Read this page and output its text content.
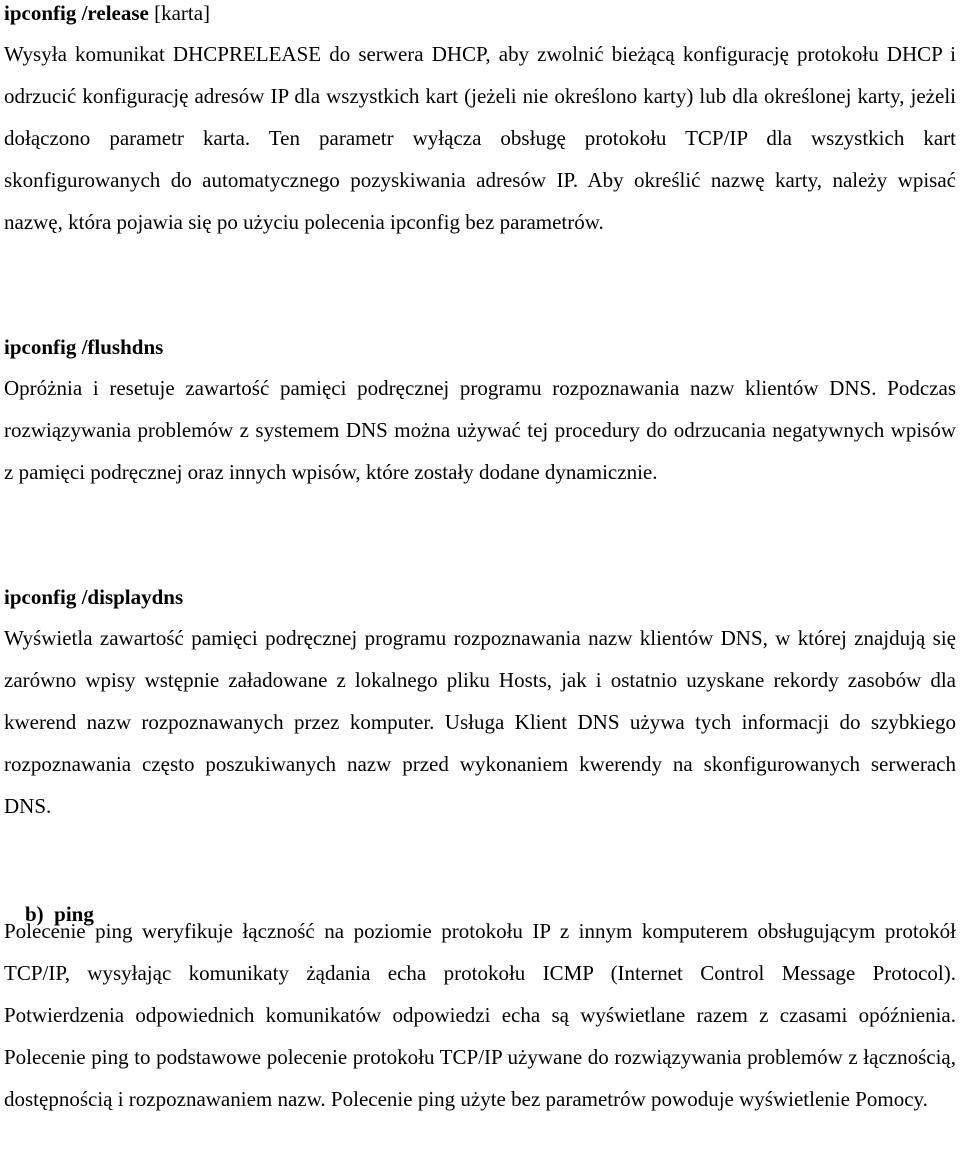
ipconfig /release [karta]

Wysyła komunikat DHCPRELEASE do serwera DHCP, aby zwolnić bieżącą konfigurację protokołu DHCP i odrzucić konfigurację adresów IP dla wszystkich kart (jeżeli nie określono karty) lub dla określonej karty, jeżeli dołączono parametr karta. Ten parametr wyłącza obsługę protokołu TCP/IP dla wszystkich kart skonfigurowanych do automatycznego pozyskiwania adresów IP. Aby określić nazwę karty, należy wpisać nazwę, która pojawia się po użyciu polecenia ipconfig bez parametrów.

ipconfig /flushdns

Opróżnia i resetuje zawartość pamięci podręcznej programu rozpoznawania nazw klientów DNS. Podczas rozwiązywania problemów z systemem DNS można używać tej procedury do odrzucania negatywnych wpisów z pamięci podręcznej oraz innych wpisów, które zostały dodane dynamicznie.

ipconfig /displaydns

Wyświetla zawartość pamięci podręcznej programu rozpoznawania nazw klientów DNS, w której znajdują się zarówno wpisy wstępnie załadowane z lokalnego pliku Hosts, jak i ostatnio uzyskane rekordy zasobów dla kwerend nazw rozpoznawanych przez komputer. Usługa Klient DNS używa tych informacji do szybkiego rozpoznawania często poszukiwanych nazw przed wykonaniem kwerendy na skonfigurowanych serwerach DNS.

b)  ping

Polecenie ping weryfikuje łączność na poziomie protokołu IP z innym komputerem obsługującym protokół TCP/IP, wysyłając komunikaty żądania echa protokołu ICMP (Internet Control Message Protocol). Potwierdzenia odpowiednich komunikatów odpowiedzi echa są wyświetlane razem z czasami opóźnienia. Polecenie ping to podstawowe polecenie protokołu TCP/IP używane do rozwiązywania problemów z łącznością, dostępnością i rozpoznawaniem nazw. Polecenie ping użyte bez parametrów powoduje wyświetlenie Pomocy.
